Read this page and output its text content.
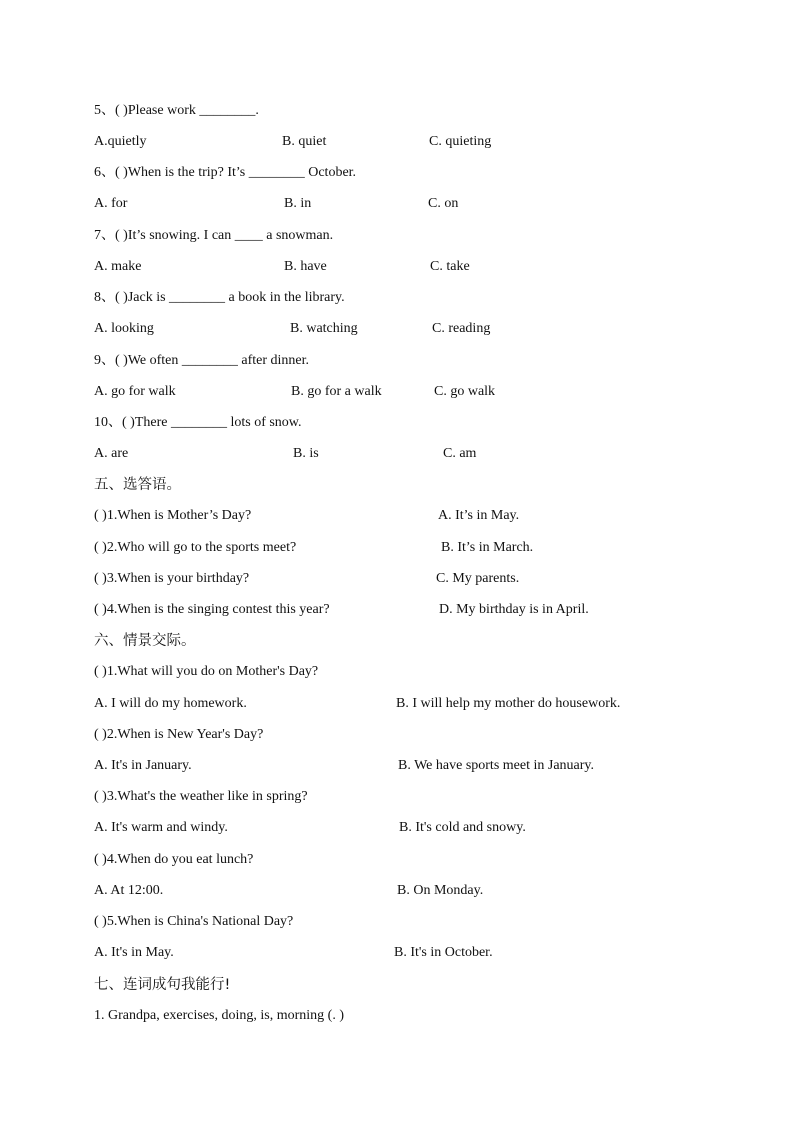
5、( )Please work ________.
A.quietly	B. quiet	C. quieting
6、( )When is the trip? It’s ________ October.
A. for	B. in	C. on
7、( )It’s snowing. I can ____ a snowman.
A. make	B. have	C. take
8、( )Jack is ________ a book in the library.
A. looking	B. watching	C. reading
9、( )We often ________ after dinner.
A. go for walk	B. go for a walk	C. go walk
10、( )There ________ lots of snow.
A. are	B. is	C. am
五、选答语。
( )1.When is Mother’s Day?	A. It’s in May.
( )2.Who will go to the sports meet?	B. It’s in March.
( )3.When is your birthday?	C. My parents.
( )4.When is the singing contest this year?	D. My birthday is in April.
六、情景交际。
( )1.What will you do on Mother's Day?
A. I will do my homework.	B. I will help my mother do housework.
( )2.When is New Year's Day?
A. It's in January.	B. We have sports meet in January.
( )3.What's the weather like in spring?
A. It's warm and windy.	B. It's cold and snowy.
( )4.When do you eat lunch?
A. At 12:00.	B. On Monday.
( )5.When is China's National Day?
A. It's in May.	B. It's in October.
七、连词成句我能行!
1. Grandpa, exercises, doing, is, morning (. )
